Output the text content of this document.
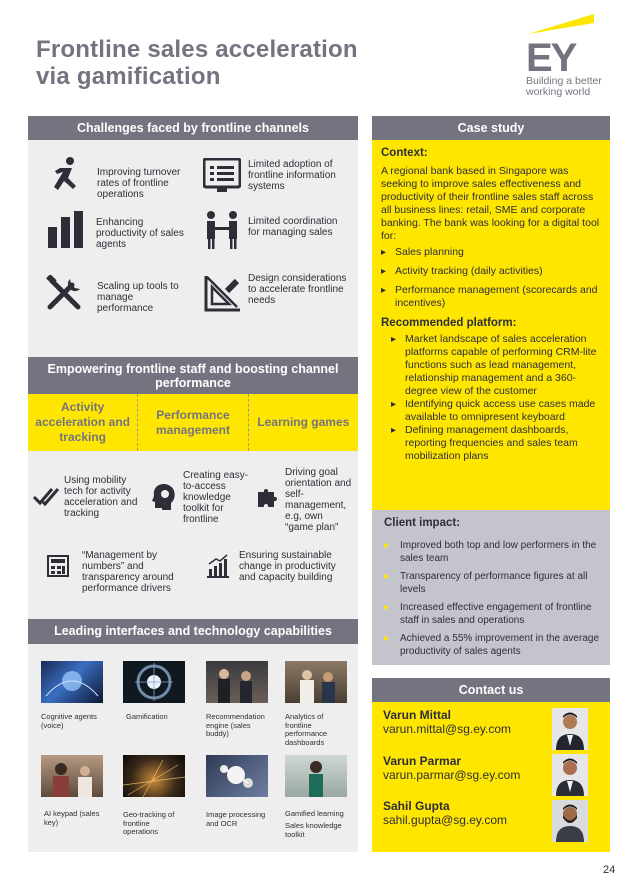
Frontline sales acceleration
via gamification	EY
Building a better
working world
Challenges faced by frontline channels
Improving turnover rates of frontline operations
Limited adoption of frontline information systems
Enhancing productivity of sales agents
Limited coordination for managing sales
Scaling up tools to manage performance
Design considerations to accelerate frontline needs
Empowering frontline staff and boosting channel performance
Activity acceleration and tracking
Performance management
Learning games
Using mobility tech for activity acceleration and tracking
Creating easy-to-access knowledge toolkit for frontline
Driving goal orientation and self-management, e.g, own “game plan”
“Management by numbers” and transparency around performance drivers
Ensuring sustainable change in productivity and capacity building
Leading interfaces and technology capabilities
Cognitive agents (voice)
Gamification	Recommendation engine (sales buddy)
Analytics of frontline performance dashboards
AI keypad (sales key)
Geo-tracking of frontline operations
Image processing and OCR
Gamified learning
Sales knowledge toolkit
Case study
Context:

A regional bank based in Singapore was seeking to improve sales effectiveness and productivity of their frontline sales staff across all business lines: retail, SME and corporate banking. The bank was looking for a digital tool for:

▸ Sales planning
▸ Activity tracking (daily activities)
▸ Performance management (scorecards and incentives)
Recommended platform:
▸ Market landscape of sales acceleration platforms capable of performing CRM-lite functions such as lead management, relationship management and a 360-degree view of the customer
▸ Identifying quick access use cases made available to omnipresent keyboard
▸ Defining management dashboards, reporting frequencies and sales team mobilization plans
Client impact:
▸ Improved both top and low performers in the sales team
▸ Transparency of performance figures at all levels
▸ Increased effective engagement of frontline staff in sales and operations
▸ Achieved a 55% improvement in the average productivity of sales agents
Contact us
Varun Mittal
varun.mittal@sg.ey.com
Varun Parmar
varun.parmar@sg.ey.com
Sahil Gupta
sahil.gupta@sg.ey.com
24
